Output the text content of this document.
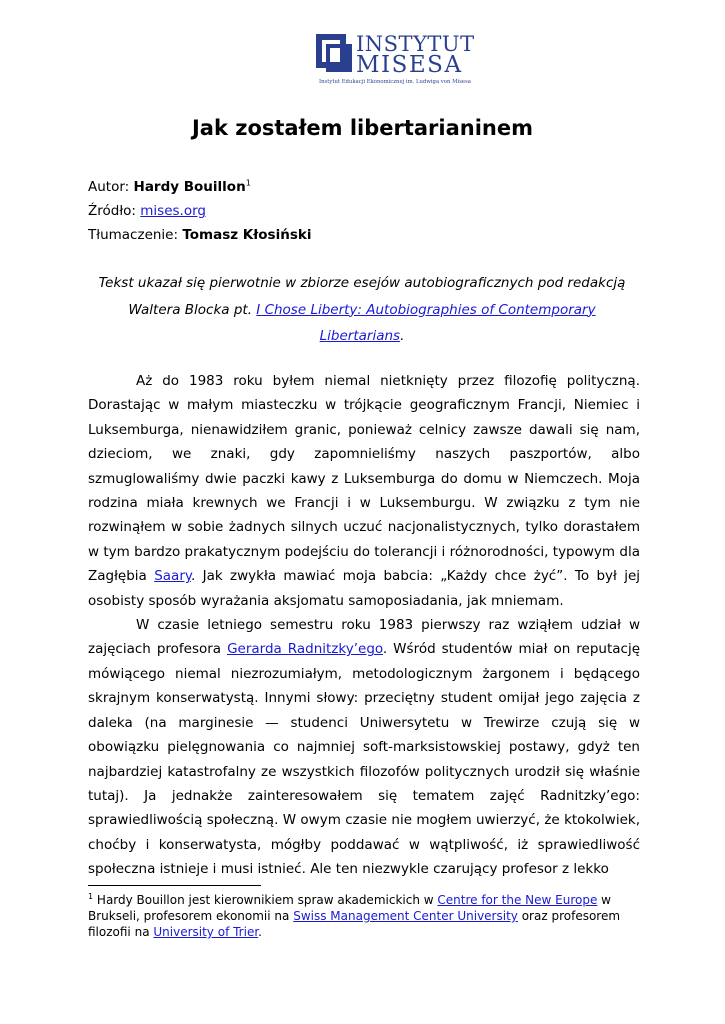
INSTYTUT
MISESA
Instytut Edukacji Ekonomicznej im. Ludwiga von Misesa
Jak zostałem libertarianinem

Autor: Hardy Bouillon$^1$

Źródło: mises.org

Tłumaczenie: Tomasz Kłosiński

Tekst ukazał się pierwotnie w zbiorze esejów autobiograficznych pod redakcją Waltera Blocka pt. I Chose Liberty: Autobiographies of Contemporary Libertarians.

Aż do 1983 roku byłem niemal nietknięty przez filozofię polityczną. Dorastając w małym miasteczku w trójkącie geograficznym Francji, Niemiec i Luksemburga, nienawidziłem granic, ponieważ celnicy zawsze dawali się nam, dzieciom, we znaki, gdy zapomnieliśmy naszych paszportów, albo szmuglowaliśmy dwie paczki kawy z Luksemburga do domu w Niemczech. Moja rodzina miała krewnych we Francji i w Luksemburgu. W związku z tym nie rozwinąłem w sobie żadnych silnych uczuć nacjonalistycznych, tylko dorastałem w tym bardzo prakatycznym podejściu do tolerancji i różnorodności, typowym dla Zagłębia Saary. Jak zwykła mawiać moja babcia: „Każdy chce żyć”. To był jej osobisty sposób wyrażania aksjomatu samoposiadania, jak mniemam.

W czasie letniego semestru roku 1983 pierwszy raz wziąłem udział w zajęciach profesora Gerarda Radnitzky’ego. Wśród studentów miał on reputację mówiącego niemal niezrozumiałym, metodologicznym żargonem i będącego skrajnym konserwatystą. Innymi słowy: przeciętny student omijał jego zajęcia z daleka (na marginesie — studenci Uniwersytetu w Trewirze czują się w obowiązku pielęgnowania co najmniej soft-marksistowskiej postawy, gdyż ten najbardziej katastrofalny ze wszystkich filozofów politycznych urodził się właśnie tutaj). Ja jednakże zainteresowałem się tematem zajęć Radnitzky’ego: sprawiedliwością społeczną. W owym czasie nie mogłem uwierzyć, że ktokolwiek, choćby i konserwatysta, mógłby poddawać w wątpliwość, iż sprawiedliwość społeczna istnieje i musi istnieć. Ale ten niezwykle czarujący profesor z lekko

$^1$ Hardy Bouillon jest kierownikiem spraw akademickich w Centre for the New Europe w Brukseli, profesorem ekonomii na Swiss Management Center University oraz profesorem filozofii na University of Trier.
